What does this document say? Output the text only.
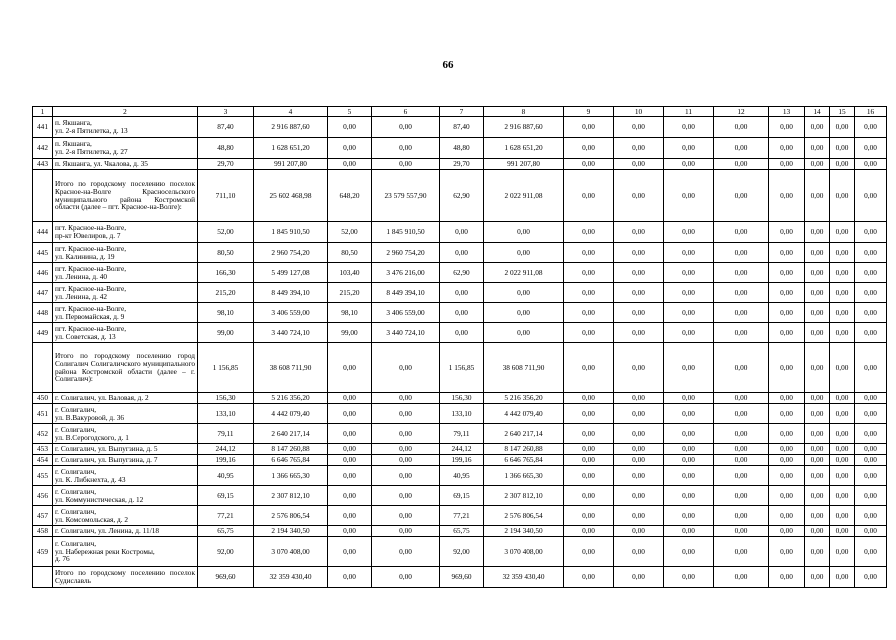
66
1	2	3	4	5	6	7	8	9	10	11	12	13	14	15	16
441	п. Якшанга,
ул. 2-я Пятилетка, д. 13	87,40	2 916 887,60	0,00	0,00	87,40	2 916 887,60	0,00	0,00	0,00	0,00	0,00	0,00	0,00	0,00
442	п. Якшанга,
ул. 2-я Пятилетка, д. 27	48,80	1 628 651,20	0,00	0,00	48,80	1 628 651,20	0,00	0,00	0,00	0,00	0,00	0,00	0,00	0,00
443	п. Якшанга, ул. Чкалова, д. 35	29,70	991 207,80	0,00	0,00	29,70	991 207,80	0,00	0,00	0,00	0,00	0,00	0,00	0,00	0,00
	Итого по городскому поселению поселок Красное-на-Волге Красносельского муниципального района Костромской области (далее – пгт. Красное-на-Волге):	711,10	25 602 468,98	648,20	23 579 557,90	62,90	2 022 911,08	0,00	0,00	0,00	0,00	0,00	0,00	0,00	0,00
444	пгт. Красное-на-Волге,
пр-кт Ювелиров, д. 7	52,00	1 845 910,50	52,00	1 845 910,50	0,00	0,00	0,00	0,00	0,00	0,00	0,00	0,00	0,00	0,00
445	пгт. Красное-на-Волге,
ул. Калинина, д. 19	80,50	2 960 754,20	80,50	2 960 754,20	0,00	0,00	0,00	0,00	0,00	0,00	0,00	0,00	0,00	0,00
446	пгт. Красное-на-Волге,
ул. Ленина, д. 40	166,30	5 499 127,08	103,40	3 476 216,00	62,90	2 022 911,08	0,00	0,00	0,00	0,00	0,00	0,00	0,00	0,00
447	пгт. Красное-на-Волге,
ул. Ленина, д. 42	215,20	8 449 394,10	215,20	8 449 394,10	0,00	0,00	0,00	0,00	0,00	0,00	0,00	0,00	0,00	0,00
448	пгт. Красное-на-Волге,
ул. Первомайская, д. 9	98,10	3 406 559,00	98,10	3 406 559,00	0,00	0,00	0,00	0,00	0,00	0,00	0,00	0,00	0,00	0,00
449	пгт. Красное-на-Волге,
ул. Советская, д. 13	99,00	3 440 724,10	99,00	3 440 724,10	0,00	0,00	0,00	0,00	0,00	0,00	0,00	0,00	0,00	0,00
	Итого по городскому поселению город Солигалич Солигаличского муниципального района Костромской области (далее – г. Солигалич):	1 156,85	38 608 711,90	0,00	0,00	1 156,85	38 608 711,90	0,00	0,00	0,00	0,00	0,00	0,00	0,00	0,00
450	г. Солигалич, ул. Валовая, д. 2	156,30	5 216 356,20	0,00	0,00	156,30	5 216 356,20	0,00	0,00	0,00	0,00	0,00	0,00	0,00	0,00
451	г. Солигалич,
ул. В.Вакуровой, д. 36	133,10	4 442 079,40	0,00	0,00	133,10	4 442 079,40	0,00	0,00	0,00	0,00	0,00	0,00	0,00	0,00
452	г. Солигалич,
ул. В.Серогодского, д. 1	79,11	2 640 217,14	0,00	0,00	79,11	2 640 217,14	0,00	0,00	0,00	0,00	0,00	0,00	0,00	0,00
453	г. Солигалич, ул. Выпугзина, д. 5	244,12	8 147 260,88	0,00	0,00	244,12	8 147 260,88	0,00	0,00	0,00	0,00	0,00	0,00	0,00	0,00
454	г. Солигалич, ул. Выпугзина, д. 7	199,16	6 646 765,84	0,00	0,00	199,16	6 646 765,84	0,00	0,00	0,00	0,00	0,00	0,00	0,00	0,00
455	г. Солигалич,
ул. К. Либкнехта, д. 43	40,95	1 366 665,30	0,00	0,00	40,95	1 366 665,30	0,00	0,00	0,00	0,00	0,00	0,00	0,00	0,00
456	г. Солигалич,
ул. Коммунистическая, д. 12	69,15	2 307 812,10	0,00	0,00	69,15	2 307 812,10	0,00	0,00	0,00	0,00	0,00	0,00	0,00	0,00
457	г. Солигалич,
ул. Комсомольская, д. 2	77,21	2 576 806,54	0,00	0,00	77,21	2 576 806,54	0,00	0,00	0,00	0,00	0,00	0,00	0,00	0,00
458	г. Солигалич, ул. Ленина, д. 11/18	65,75	2 194 340,50	0,00	0,00	65,75	2 194 340,50	0,00	0,00	0,00	0,00	0,00	0,00	0,00	0,00
459	г. Солигалич,
ул. Набережная реки Костромы,
д. 76	92,00	3 070 408,00	0,00	0,00	92,00	3 070 408,00	0,00	0,00	0,00	0,00	0,00	0,00	0,00	0,00
	Итого по городскому поселению поселок Судиславль	969,60	32 359 430,40	0,00	0,00	969,60	32 359 430,40	0,00	0,00	0,00	0,00	0,00	0,00	0,00	0,00
